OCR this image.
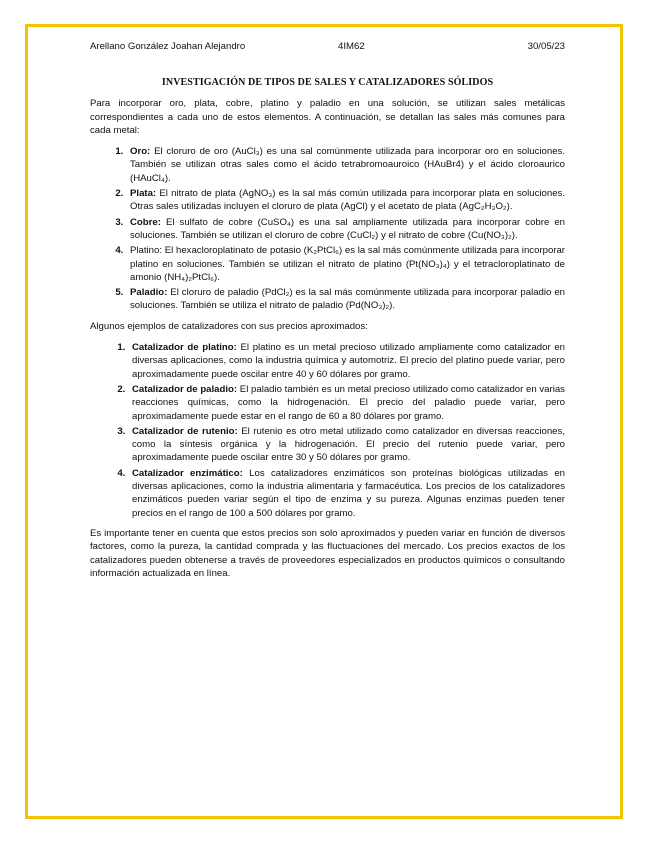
Arellano González Joahan Alejandro	4IM62	30/05/23
INVESTIGACIÓN DE TIPOS DE SALES Y CATALIZADORES SÓLIDOS

Para incorporar oro, plata, cobre, platino y paladio en una solución, se utilizan sales metálicas correspondientes a cada uno de estos elementos. A continuación, se detallan las sales más comunes para cada metal:

1. Oro: El cloruro de oro (AuCl₃) es una sal comúnmente utilizada para incorporar oro en soluciones. También se utilizan otras sales como el ácido tetrabromoauroico (HAuBr4) y el ácido cloroaurico (HAuCl₄).
2. Plata: El nitrato de plata (AgNO₃) es la sal más común utilizada para incorporar plata en soluciones. Otras sales utilizadas incluyen el cloruro de plata (AgCl) y el acetato de plata (AgC₂H₃O₂).
3. Cobre: El sulfato de cobre (CuSO₄) es una sal ampliamente utilizada para incorporar cobre en soluciones. También se utilizan el cloruro de cobre (CuCl₂) y el nitrato de cobre (Cu(NO₃)₂).
4. Platino: El hexacloroplatinato de potasio (K₂PtCl₆) es la sal más comúnmente utilizada para incorporar platino en soluciones. También se utilizan el nitrato de platino (Pt(NO₃)₄) y el tetracloroplatinato de amonio (NH₄)₂PtCl₆).
5. Paladio: El cloruro de paladio (PdCl₂) es la sal más comúnmente utilizada para incorporar paladio en soluciones. También se utiliza el nitrato de paladio (Pd(NO₃)₂).

Algunos ejemplos de catalizadores con sus precios aproximados:

1. Catalizador de platino: El platino es un metal precioso utilizado ampliamente como catalizador en diversas aplicaciones, como la industria química y automotriz. El precio del platino puede variar, pero aproximadamente puede oscilar entre 40 y 60 dólares por gramo.
2. Catalizador de paladio: El paladio también es un metal precioso utilizado como catalizador en varias reacciones químicas, como la hidrogenación. El precio del paladio puede variar, pero aproximadamente puede estar en el rango de 60 a 80 dólares por gramo.
3. Catalizador de rutenio: El rutenio es otro metal utilizado como catalizador en diversas reacciones, como la síntesis orgánica y la hidrogenación. El precio del rutenio puede variar, pero aproximadamente puede oscilar entre 30 y 50 dólares por gramo.
4. Catalizador enzimático: Los catalizadores enzimáticos son proteínas biológicas utilizadas en diversas aplicaciones, como la industria alimentaria y farmacéutica. Los precios de los catalizadores enzimáticos pueden variar según el tipo de enzima y su pureza. Algunas enzimas pueden tener precios en el rango de 100 a 500 dólares por gramo.

Es importante tener en cuenta que estos precios son solo aproximados y pueden variar en función de diversos factores, como la pureza, la cantidad comprada y las fluctuaciones del mercado. Los precios exactos de los catalizadores pueden obtenerse a través de proveedores especializados en productos químicos o consultando información actualizada en línea.
